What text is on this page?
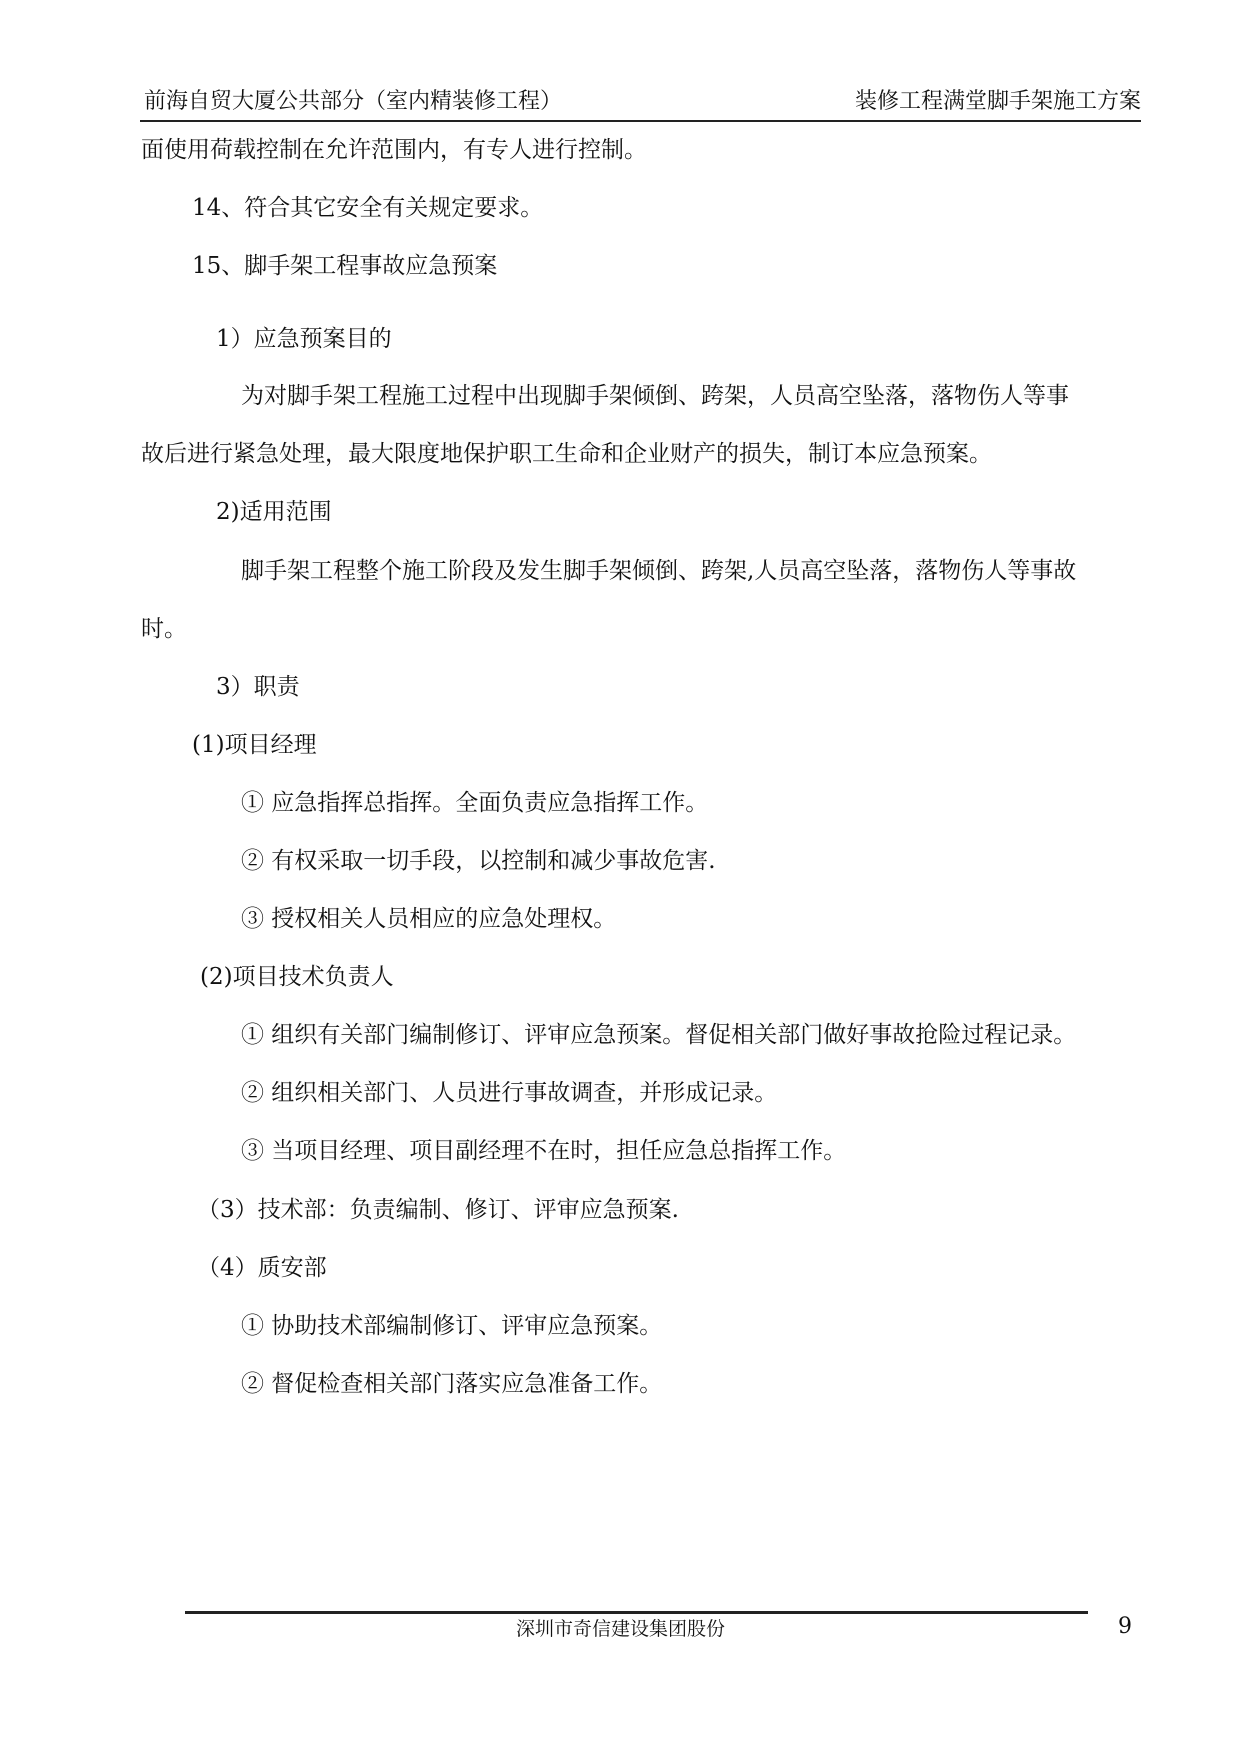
前海自贸大厦公共部分（室内精装修工程）	装修工程满堂脚手架施工方案
面使用荷载控制在允许范围内，有专人进行控制。
14、符合其它安全有关规定要求。
15、脚手架工程事故应急预案
1）应急预案目的
为对脚手架工程施工过程中出现脚手架倾倒、跨架，人员高空坠落，落物伤人等事
故后进行紧急处理，最大限度地保护职工生命和企业财产的损失，制订本应急预案。
2)适用范围
脚手架工程整个施工阶段及发生脚手架倾倒、跨架,人员高空坠落，落物伤人等事故
时。
3）职责
(1)项目经理
① 应急指挥总指挥。全面负责应急指挥工作。
② 有权采取一切手段，以控制和减少事故危害.
③ 授权相关人员相应的应急处理权。
(2)项目技术负责人
① 组织有关部门编制修订、评审应急预案。督促相关部门做好事故抢险过程记录。
② 组织相关部门、人员进行事故调查，并形成记录。
③ 当项目经理、项目副经理不在时，担任应急总指挥工作。
（3）技术部：负责编制、修订、评审应急预案.
（4）质安部
① 协助技术部编制修订、评审应急预案。
② 督促检查相关部门落实应急准备工作。
深圳市奇信建设集团股份	9
